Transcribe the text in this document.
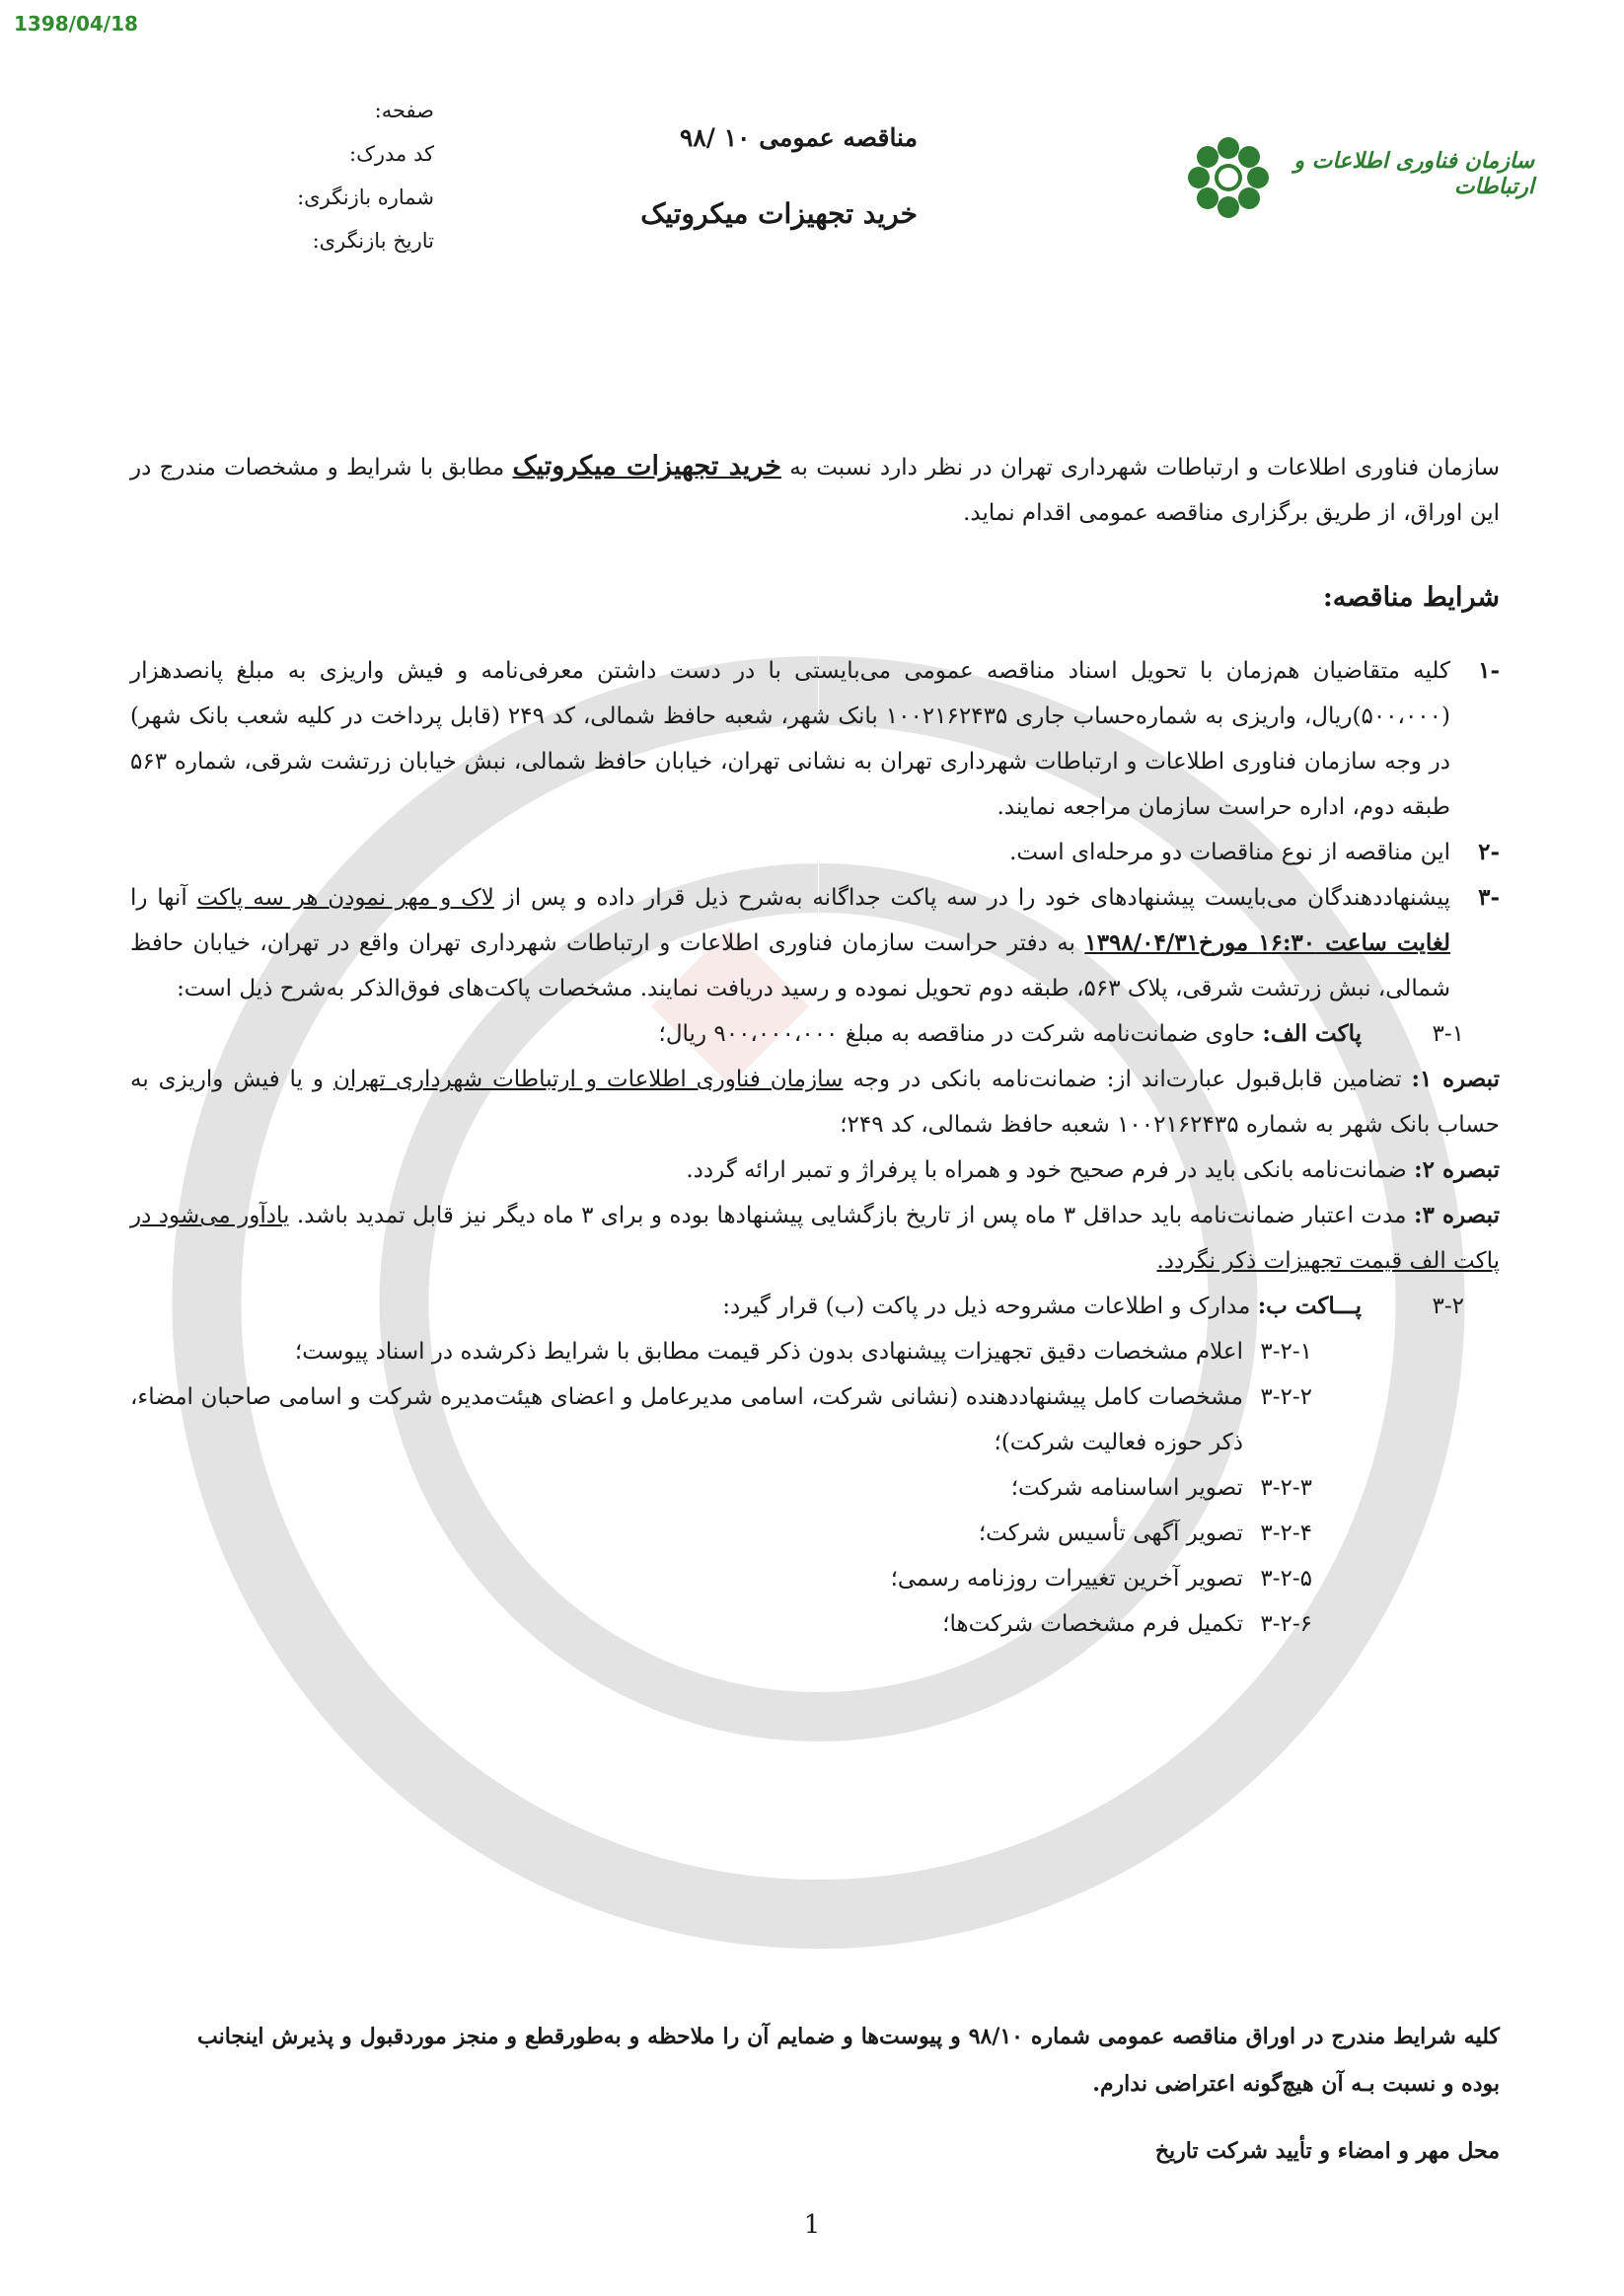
1398/04/18
صفحه:
کد مدرک:
شماره بازنگری:
تاریخ بازنگری:
مناقصه عمومی ۱۰ /۹۸
خرید تجهیزات میکروتیک
سازمان فناوری اطلاعات و ارتباطات

سازمان فناوری اطلاعات و ارتباطات شهرداری تهران در نظر دارد نسبت به خرید تجهیزات میکروتیک مطابق با شرایط و مشخصات مندرج در این اوراق، از طریق برگزاری مناقصه عمومی اقدام نماید.

شرایط مناقصه:

-۱
کلیه متقاضیان هم‌زمان با تحویل اسناد مناقصه عمومی می‌بایستی با در دست داشتن معرفی‌نامه و فیش واریزی به مبلغ پانصدهزار (۵۰۰،۰۰۰)ریال، واریزی به شماره‌حساب جاری ۱۰۰۲۱۶۲۴۳۵ بانک شهر، شعبه حافظ شمالی، کد ۲۴۹ (قابل پرداخت در کلیه شعب بانک شهر) در وجه سازمان فناوری اطلاعات و ارتباطات شهرداری تهران به نشانی تهران، خیابان حافظ شمالی، نبش خیابان زرتشت شرقی، شماره ۵۶۳ طبقه دوم، اداره حراست سازمان مراجعه نمایند.

-۲
این مناقصه از نوع مناقصات دو مرحله‌ای است.

-۳
پیشنهاددهندگان می‌بایست پیشنهادهای خود را در سه پاکت جداگانه به‌شرح ذیل قرار داده و پس از لاک و مهر نمودن هر سه پاکت آنها را لغایت ساعت ۱۶:۳۰ مورخ۱۳۹۸/۰۴/۳۱ به دفتر حراست سازمان فناوری اطلاعات و ارتباطات شهرداری تهران واقع در تهران، خیابان حافظ شمالی، نبش زرتشت شرقی، پلاک ۵۶۳، طبقه دوم تحویل نموده و رسید دریافت نمایند. مشخصات پاکت‌های فوق‌الذکر به‌شرح ذیل است:

۳-۱
پاکت الف: حاوی ضمانت‌نامه شرکت در مناقصه به مبلغ ۹۰۰،۰۰۰،۰۰۰ ریال؛

تبصره ۱: تضامین قابل‌قبول عبارت‌اند از: ضمانت‌نامه بانکی در وجه سازمان فناوری اطلاعات و ارتباطات شهرداری تهران و یا فیش واریزی به حساب بانک شهر به شماره ۱۰۰۲۱۶۲۴۳۵ شعبه حافظ شمالی، کد ۲۴۹؛

تبصره ۲: ضمانت‌نامه بانکی باید در فرم صحیح خود و همراه با پرفراژ و تمبر ارائه گردد.

تبصره ۳: مدت اعتبار ضمانت‌نامه باید حداقل ۳ ماه پس از تاریخ بازگشایی پیشنهادها بوده و برای ۳ ماه دیگر نیز قابل تمدید باشد. یادآور می‌شود در پاکت الف قیمت تجهیزات ذکر نگردد.

۳-۲
پـــاکت ب: مدارک و اطلاعات مشروحه ذیل در پاکت (ب) قرار گیرد:

۳-۲-۱
اعلام مشخصات دقیق تجهیزات پیشنهادی بدون ذکر قیمت مطابق با شرایط ذکرشده در اسناد پیوست؛

۳-۲-۲
مشخصات کامل پیشنهاددهنده (نشانی شرکت، اسامی مدیرعامل و اعضای هیئت‌مدیره شرکت و اسامی صاحبان امضاء، ذکر حوزه فعالیت شرکت)؛

۳-۲-۳
تصویر اساسنامه شرکت؛

۳-۲-۴
تصویر آگهی تأسیس شرکت؛

۳-۲-۵
تصویر آخرین تغییرات روزنامه رسمی؛

۳-۲-۶
تکمیل فرم مشخصات شرکت‌ها؛

کلیه شرایط مندرج در اوراق مناقصه عمومی شماره ۹۸/۱۰ و پیوست‌ها و ضمایم آن را ملاحظه و به‌طورقطع و منجز موردقبول و پذیرش اینجانب بوده و نسبت بـه آن هیچ‌گونه اعتراضی ندارم.
محل مهر و امضاء و تأیید شرکت تاریخ
1
